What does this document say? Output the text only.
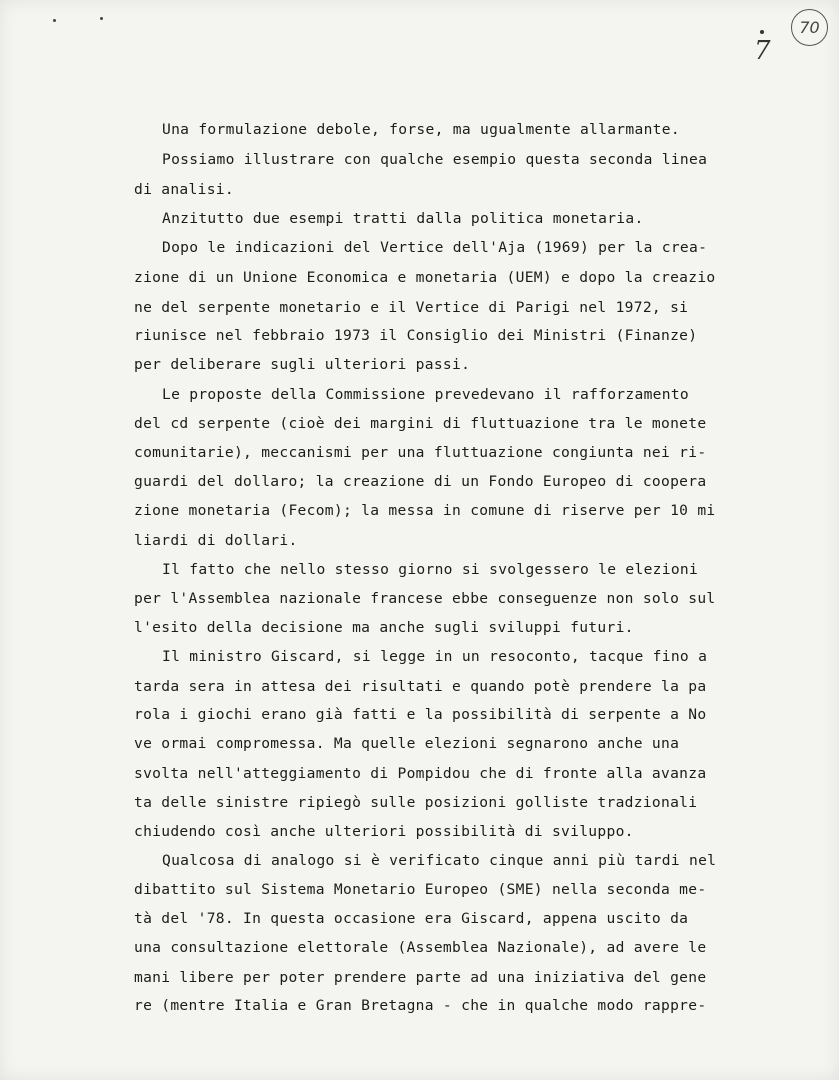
7
70
Una formulazione debole, forse, ma ugualmente allarmante.
Possiamo illustrare con qualche esempio questa seconda linea
di analisi.
Anzitutto due esempi tratti dalla politica monetaria.
Dopo le indicazioni del Vertice dell'Aja (1969) per la crea-
zione di un Unione Economica e monetaria (UEM) e dopo la creazio
ne del serpente monetario e il Vertice di Parigi nel 1972, si
riunisce nel febbraio 1973 il Consiglio dei Ministri (Finanze)
per deliberare sugli ulteriori passi.
Le proposte della Commissione prevedevano il rafforzamento
del cd serpente (cioè dei margini di fluttuazione tra le monete
comunitarie), meccanismi per una fluttuazione congiunta nei ri-
guardi del dollaro; la creazione di un Fondo Europeo di coopera
zione monetaria (Fecom); la messa in comune di riserve per 10 mi
liardi di dollari.
Il fatto che nello stesso giorno si svolgessero le elezioni
per l'Assemblea nazionale francese ebbe conseguenze non solo sul
l'esito della decisione ma anche sugli sviluppi futuri.
Il ministro Giscard, si legge in un resoconto, tacque fino a
tarda sera in attesa dei risultati e quando potè prendere la pa
rola i giochi erano già fatti e la possibilità di serpente a No
ve ormai compromessa. Ma quelle elezioni segnarono anche una
svolta nell'atteggiamento di Pompidou che di fronte alla avanza
ta delle sinistre ripiegò sulle posizioni golliste tradzionali
chiudendo così anche ulteriori possibilità di sviluppo.
Qualcosa di analogo si è verificato cinque anni più tardi nel
dibattito sul Sistema Monetario Europeo (SME) nella seconda me-
tà del '78. In questa occasione era Giscard, appena uscito da
una consultazione elettorale (Assemblea Nazionale), ad avere le
mani libere per poter prendere parte ad una iniziativa del gene
re (mentre Italia e Gran Bretagna - che in qualche modo rappre-
